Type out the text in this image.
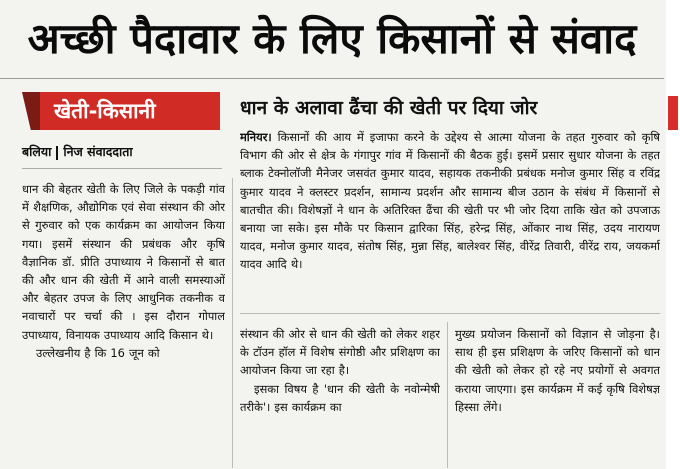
अच्छी पैदावार के लिए किसानों से संवाद
खेती-किसानी
बलिया निज संवाददाता

धान की बेहतर खेती के लिए जिले के पकड़ी गांव में शैक्षणिक, औद्योगिक एवं सेवा संस्थान की ओर से गुरुवार को एक कार्यक्रम का आयोजन किया गया। इसमें संस्थान की प्रबंधक और कृषि वैज्ञानिक डॉ. प्रीति उपाध्याय ने किसानों से बात की और धान की खेती में आने वाली समस्याओं और बेहतर उपज के लिए आधुनिक तकनीक व नवाचारों पर चर्चा की । इस दौरान गोपाल उपाध्याय, विनायक उपाध्याय आदि किसान थे।

उल्लेखनीय है कि 16 जून को

धान के अलावा ढैंचा की खेती पर दिया जोर

मनियर। किसानों की आय में इजाफा करने के उद्देश्य से आत्मा योजना के तहत गुरुवार को कृषि विभाग की ओर से क्षेत्र के गंगापुर गांव में किसानों की बैठक हुई। इसमें प्रसार सुधार योजना के तहत ब्लाक टेक्नोलॉजी मैनेजर जसवंत कुमार यादव, सहायक तकनीकी प्रबंधक मनोज कुमार सिंह व रविंद्र कुमार यादव ने क्लस्टर प्रदर्शन, सामान्य प्रदर्शन और सामान्य बीज उठान के संबंध में किसानों से बातचीत की। विशेषज्ञों ने धान के अतिरिक्त ढैंचा की खेती पर भी जोर दिया ताकि खेत को उपजाऊ बनाया जा सके। इस मौके पर किसान द्वारिका सिंह, हरेन्द्र सिंह, ओंकार नाथ सिंह, उदय नारायण यादव, मनोज कुमार यादव, संतोष सिंह, मुन्ना सिंह, बालेश्वर सिंह, वीरेंद्र तिवारी, वीरेंद्र राय, जयकर्मा यादव आदि थे।

संस्थान की ओर से धान की खेती को लेकर शहर के टॉउन हॉल में विशेष संगोष्ठी और प्रशिक्षण का आयोजन किया जा रहा है।

इसका विषय है 'धान की खेती के नवोन्मेषी तरीके'। इस कार्यक्रम का

मुख्य प्रयोजन किसानों को विज्ञान से जोड़ना है। साथ ही इस प्रशिक्षण के जरिए किसानों को धान की खेती को लेकर हो रहे नए प्रयोगों से अवगत कराया जाएगा। इस कार्यक्रम में कई कृषि विशेषज्ञ हिस्सा लेंगे।
